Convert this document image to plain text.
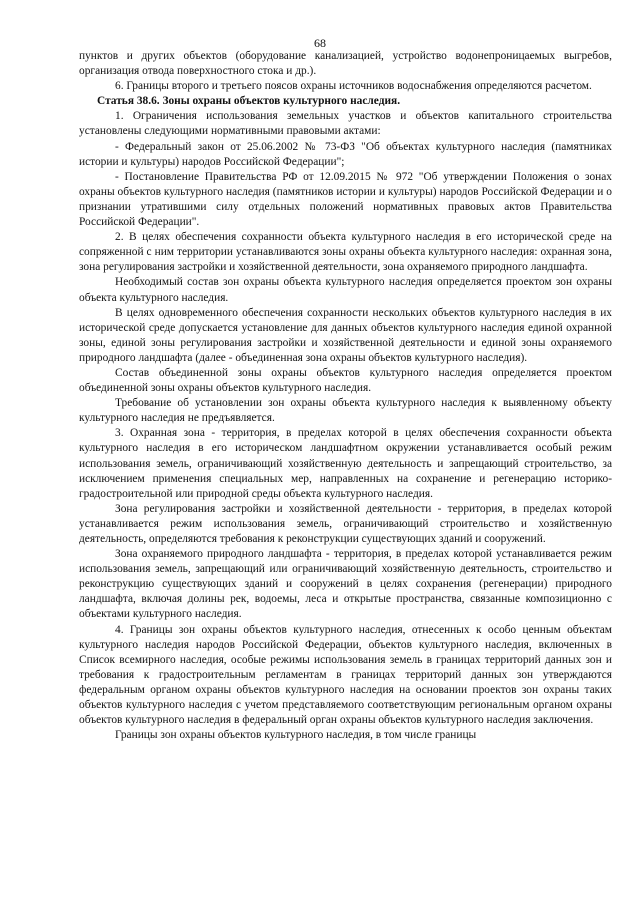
68

пунктов и других объектов (оборудование канализацией, устройство водонепроницаемых выгребов, организация отвода поверхностного стока и др.).

6. Границы второго и третьего поясов охраны источников водоснабжения определяются расчетом.

Статья 38.6. Зоны охраны объектов культурного наследия.

1. Ограничения использования земельных участков и объектов капитального строительства установлены следующими нормативными правовыми актами:

- Федеральный закон от 25.06.2002 № 73-ФЗ "Об объектах культурного наследия (памятниках истории и культуры) народов Российской Федерации";

- Постановление Правительства РФ от 12.09.2015 № 972 "Об утверждении Положения о зонах охраны объектов культурного наследия (памятников истории и культуры) народов Российской Федерации и о признании утратившими силу отдельных положений нормативных правовых актов Правительства Российской Федерации".

2. В целях обеспечения сохранности объекта культурного наследия в его исторической среде на сопряженной с ним территории устанавливаются зоны охраны объекта культурного наследия: охранная зона, зона регулирования застройки и хозяйственной деятельности, зона охраняемого природного ландшафта.

Необходимый состав зон охраны объекта культурного наследия определяется проектом зон охраны объекта культурного наследия.

В целях одновременного обеспечения сохранности нескольких объектов культурного наследия в их исторической среде допускается установление для данных объектов культурного наследия единой охранной зоны, единой зоны регулирования застройки и хозяйственной деятельности и единой зоны охраняемого природного ландшафта (далее - объединенная зона охраны объектов культурного наследия).

Состав объединенной зоны охраны объектов культурного наследия определяется проектом объединенной зоны охраны объектов культурного наследия.

Требование об установлении зон охраны объекта культурного наследия к выявленному объекту культурного наследия не предъявляется.

3. Охранная зона - территория, в пределах которой в целях обеспечения сохранности объекта культурного наследия в его историческом ландшафтном окружении устанавливается особый режим использования земель, ограничивающий хозяйственную деятельность и запрещающий строительство, за исключением применения специальных мер, направленных на сохранение и регенерацию историко-градостроительной или природной среды объекта культурного наследия.

Зона регулирования застройки и хозяйственной деятельности - территория, в пределах которой устанавливается режим использования земель, ограничивающий строительство и хозяйственную деятельность, определяются требования к реконструкции существующих зданий и сооружений.

Зона охраняемого природного ландшафта - территория, в пределах которой устанавливается режим использования земель, запрещающий или ограничивающий хозяйственную деятельность, строительство и реконструкцию существующих зданий и сооружений в целях сохранения (регенерации) природного ландшафта, включая долины рек, водоемы, леса и открытые пространства, связанные композиционно с объектами культурного наследия.

4. Границы зон охраны объектов культурного наследия, отнесенных к особо ценным объектам культурного наследия народов Российской Федерации, объектов культурного наследия, включенных в Список всемирного наследия, особые режимы использования земель в границах территорий данных зон и требования к градостроительным регламентам в границах территорий данных зон утверждаются федеральным органом охраны объектов культурного наследия на основании проектов зон охраны таких объектов культурного наследия с учетом представляемого соответствующим региональным органом охраны объектов культурного наследия в федеральный орган охраны объектов культурного наследия заключения.

Границы зон охраны объектов культурного наследия, в том числе границы
